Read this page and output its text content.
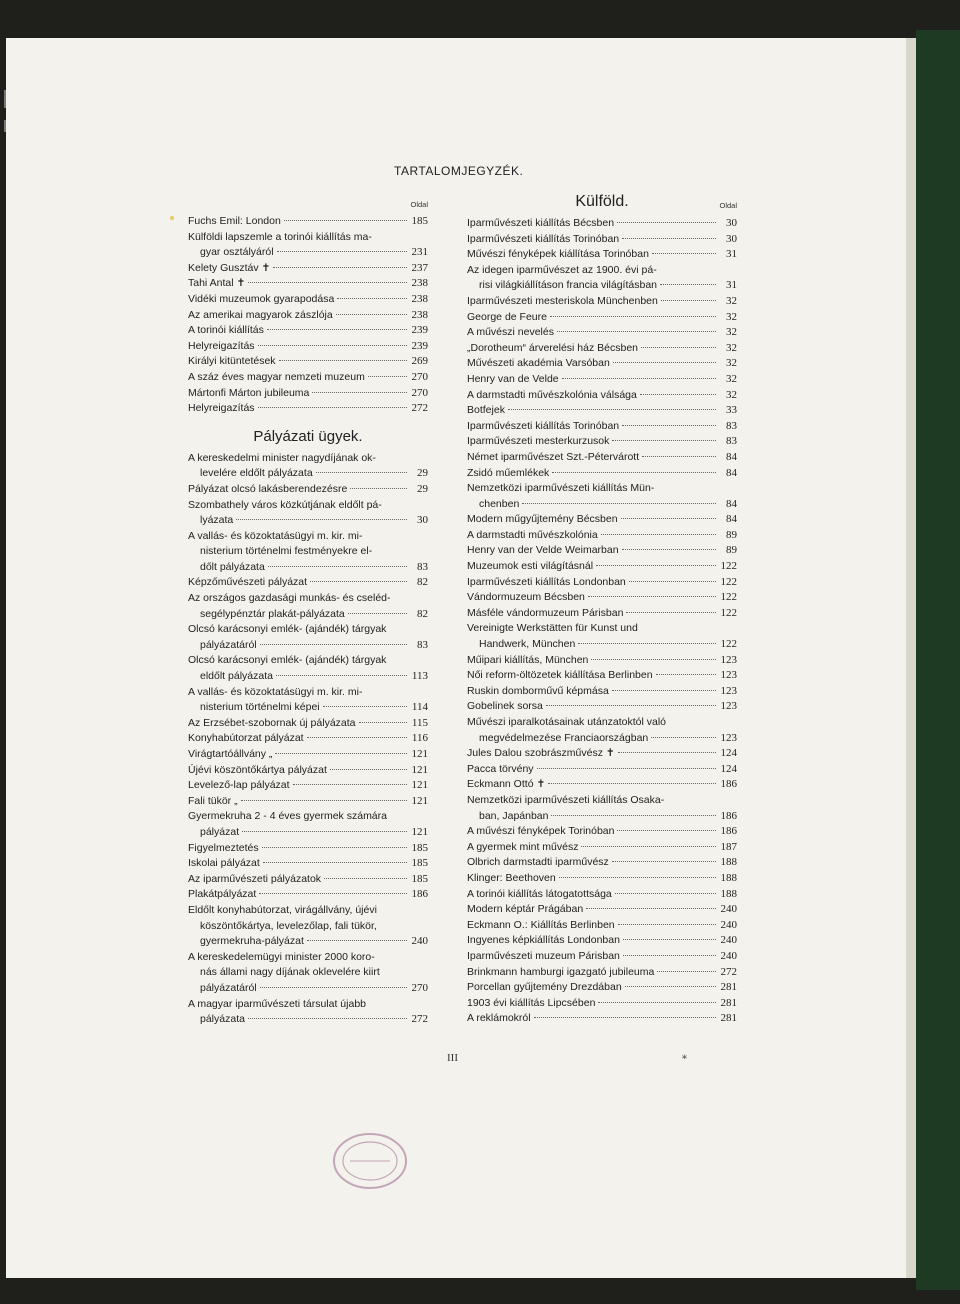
TARTALOMJEGYZÉK.
Oldal
Fuchs Emil: London	185
Külföldi lapszemle a torinói kiállítás ma-
gyar osztályáról	231
Kelety Gusztáv ✝	237
Tahi Antal ✝	238
Vidéki muzeumok gyarapodása	238
Az amerikai magyarok zászlója	238
A torinói kiállítás	239
Helyreigazítás	239
Királyi kitüntetések	269
A száz éves magyar nemzeti muzeum	270
Mártonfi Márton jubileuma	270
Helyreigazítás	272
Pályázati ügyek.
A kereskedelmi minister nagydíjának ok-
levelére eldőlt pályázata	29
Pályázat olcsó lakásberendezésre	29
Szombathely város közkútjának eldőlt pá-
lyázata	30
A vallás- és közoktatásügyi m. kir. mi-
nisterium történelmi festményekre el-
dőlt pályázata	83
Képzőművészeti pályázat	82
Az országos gazdasági munkás- és cseléd-
segélypénztár plakát-pályázata	82
Olcsó karácsonyi emlék- (ajándék) tárgyak
pályázatáról	83
Olcsó karácsonyi emlék- (ajándék) tárgyak
eldőlt pályázata	113
A vallás- és közoktatásügyi m. kir. mi-
nisterium történelmi képei	114
Az Erzsébet-szobornak új pályázata	115
Konyhabútorzat pályázat	116
Virágtartóállvány „	121
Újévi köszöntőkártya pályázat	121
Levelező-lap pályázat	121
Fali tükör „	121
Gyermekruha 2 - 4 éves gyermek számára
pályázat	121
Figyelmeztetés	185
Iskolai pályázat	185
Az iparművészeti pályázatok	185
Plakátpályázat	186
Eldőlt konyhabútorzat, virágállvány, újévi
köszöntőkártya, levelezőlap, fali tükör,
gyermekruha-pályázat	240
A kereskedelemügyi minister 2000 koro-
nás állami nagy díjának oklevelére kiirt
pályázatáról	270
A magyar iparművészeti társulat újabb
pályázata	272
Oldal
Külföld.
Iparművészeti kiállítás Bécsben	30
Iparművészeti kiállítás Torinóban	30
Művészi fényképek kiállítása Torinóban	31
Az idegen iparművészet az 1900. évi pá-
risi világkiállításon francia világításban	31
Iparművészeti mesteriskola Münchenben	32
George de Feure	32
A művészi nevelés	32
„Dorotheum“ árverelési ház Bécsben	32
Művészeti akadémia Varsóban	32
Henry van de Velde	32
A darmstadti művészkolónia válsága	32
Botfejek	33
Iparművészeti kiállítás Torinóban	83
Iparművészeti mesterkurzusok	83
Német iparművészet Szt.-Pétervárott	84
Zsidó műemlékek	84
Nemzetközi iparművészeti kiállítás Mün-
chenben	84
Modern műgyűjtemény Bécsben	84
A darmstadti művészkolónia	89
Henry van der Velde Weimarban	89
Muzeumok esti világításnál	122
Iparművészeti kiállítás Londonban	122
Vándormuzeum Bécsben	122
Másféle vándormuzeum Párisban	122
Vereinigte Werkstätten für Kunst und
Handwerk, München	122
Műipari kiállítás, München	123
Női reform-öltözetek kiállítása Berlinben	123
Ruskin domborművű képmása	123
Gobelinek sorsa	123
Művészi iparalkotásainak utánzatoktól való
megvédelmezése Franciaországban	123
Jules Dalou szobrászművész ✝	124
Pacca törvény	124
Eckmann Ottó ✝	186
Nemzetközi iparművészeti kiállítás Osaka-
ban, Japánban	186
A művészi fényképek Torinóban	186
A gyermek mint művész	187
Olbrich darmstadti iparművész	188
Klinger: Beethoven	188
A torinói kiállítás látogatottsága	188
Modern képtár Prágában	240
Eckmann O.: Kiállítás Berlinben	240
Ingyenes képkiállítás Londonban	240
Iparművészeti muzeum Párisban	240
Brinkmann hamburgi igazgató jubileuma	272
Porcellan gyűjtemény Drezdában	281
1903 évi kiállítás Lipcsében	281
A reklámokról	281
III	*
